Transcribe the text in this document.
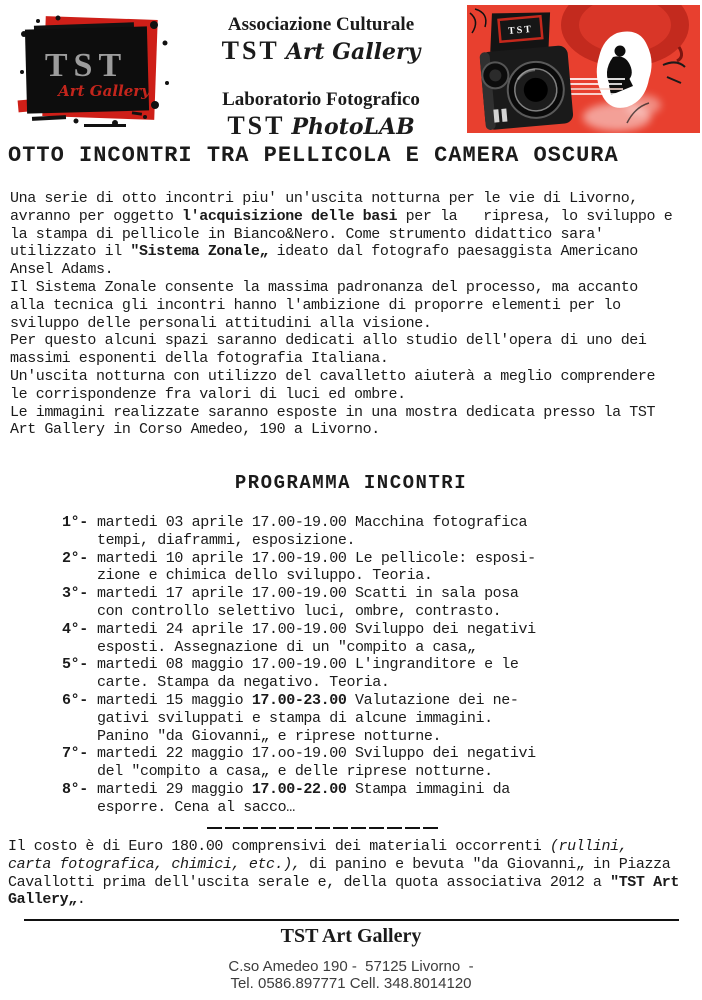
TST
Art Gallery
Associazione Culturale
TST Art Gallery
Laboratorio Fotografico
TST PhotoLAB
TST
OTTO INCONTRI TRA PELLICOLA E CAMERA OSCURA
Una serie di otto incontri piu' un'uscita notturna per le vie di Livorno,
avranno per oggetto l'acquisizione delle basi per la   ripresa, lo sviluppo e
la stampa di pellicole in Bianco&Nero. Come strumento didattico sara'
utilizzato il "Sistema Zonale„ ideato dal fotografo paesaggista Americano
Ansel Adams.
Il Sistema Zonale consente la massima padronanza del processo, ma accanto
alla tecnica gli incontri hanno l'ambizione di proporre elementi per lo
sviluppo delle personali attitudini alla visione.
Per questo alcuni spazi saranno dedicati allo studio dell'opera di uno dei
massimi esponenti della fotografia Italiana.
Un'uscita notturna con utilizzo del cavalletto aiuterà a meglio comprendere
le corrispondenze fra valori di luci ed ombre.
Le immagini realizzate saranno esposte in una mostra dedicata presso la TST
Art Gallery in Corso Amedeo, 190 a Livorno.
PROGRAMMA INCONTRI
1°- martedi 03 aprile 17.00-19.00 Macchina fotografica
tempi, diaframmi, esposizione.
2°- martedi 10 aprile 17.00-19.00 Le pellicole: esposi-
zione e chimica dello sviluppo. Teoria.
3°- martedi 17 aprile 17.00-19.00 Scatti in sala posa
con controllo selettivo luci, ombre, contrasto.
4°- martedi 24 aprile 17.00-19.00 Sviluppo dei negativi
esposti. Assegnazione di un "compito a casa„
5°- martedi 08 maggio 17.00-19.00 L'ingranditore e le
carte. Stampa da negativo. Teoria.
6°- martedi 15 maggio 17.00-23.00 Valutazione dei ne-
gativi sviluppati e stampa di alcune immagini.
Panino "da Giovanni„ e riprese notturne.
7°- martedi 22 maggio 17.oo-19.00 Sviluppo dei negativi
del "compito a casa„ e delle riprese notturne.
8°- martedi 29 maggio 17.00-22.00 Stampa immagini da
esporre. Cena al sacco…
Il costo è di Euro 180.00 comprensivi dei materiali occorrenti (rullini,
carta fotografica, chimici, etc.), di panino e bevuta "da Giovanni„ in Piazza
Cavallotti prima dell'uscita serale e, della quota associativa 2012 a "TST Art
Gallery„.
TST Art Gallery
C.so Amedeo 190 -  57125 Livorno  -
Tel. 0586.897771 Cell. 348.8014120
